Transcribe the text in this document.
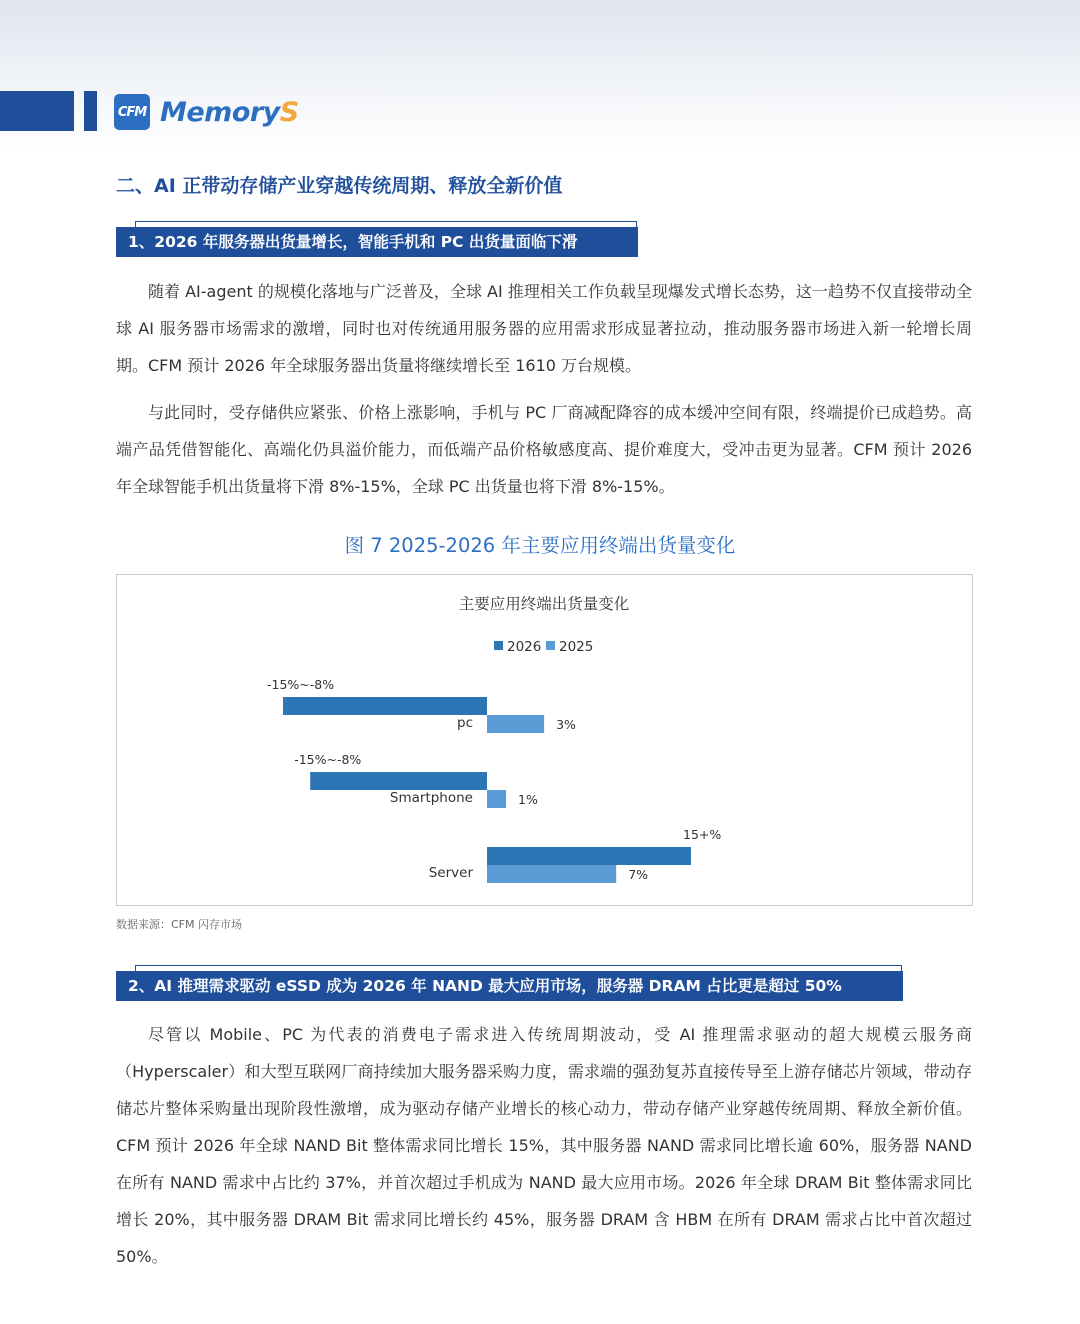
CFM MemoryS
二、AI 正带动存储产业穿越传统周期、释放全新价值
1、2026 年服务器出货量增长，智能手机和 PC 出货量面临下滑

随着 AI-agent 的规模化落地与广泛普及，全球 AI 推理相关工作负载呈现爆发式增长态势，这一趋势不仅直接带动全球 AI 服务器市场需求的激增，同时也对传统通用服务器的应用需求形成显著拉动，推动服务器市场进入新一轮增长周期。CFM 预计 2026 年全球服务器出货量将继续增长至 1610 万台规模。

与此同时，受存储供应紧张、价格上涨影响，手机与 PC 厂商减配降容的成本缓冲空间有限，终端提价已成趋势。高端产品凭借智能化、高端化仍具溢价能力，而低端产品价格敏感度高、提价难度大，受冲击更为显著。CFM 预计 2026 年全球智能手机出货量将下滑 8%-15%，全球 PC 出货量也将下滑 8%-15%。

图 7 2025-2026 年主要应用终端出货量变化
主要应用终端出货量变化
2026 2025
-15%~-8%
3%
pc
-15%~-8%
1%
Smartphone
15+%
7%
Server
数据来源：CFM 闪存市场
2、AI 推理需求驱动 eSSD 成为 2026 年 NAND 最大应用市场，服务器 DRAM 占比更是超过 50%

尽管以 Mobile、PC 为代表的消费电子需求进入传统周期波动，受 AI 推理需求驱动的超大规模云服务商（Hyperscaler）和大型互联网厂商持续加大服务器采购力度，需求端的强劲复苏直接传导至上游存储芯片领域，带动存储芯片整体采购量出现阶段性激增，成为驱动存储产业增长的核心动力，带动存储产业穿越传统周期、释放全新价值。CFM 预计 2026 年全球 NAND Bit 整体需求同比增长 15%，其中服务器 NAND 需求同比增长逾 60%，服务器 NAND 在所有 NAND 需求中占比约 37%，并首次超过手机成为 NAND 最大应用市场。2026 年全球 DRAM Bit 整体需求同比增长 20%，其中服务器 DRAM Bit 需求同比增长约 45%，服务器 DRAM 含 HBM 在所有 DRAM 需求占比中首次超过 50%。
